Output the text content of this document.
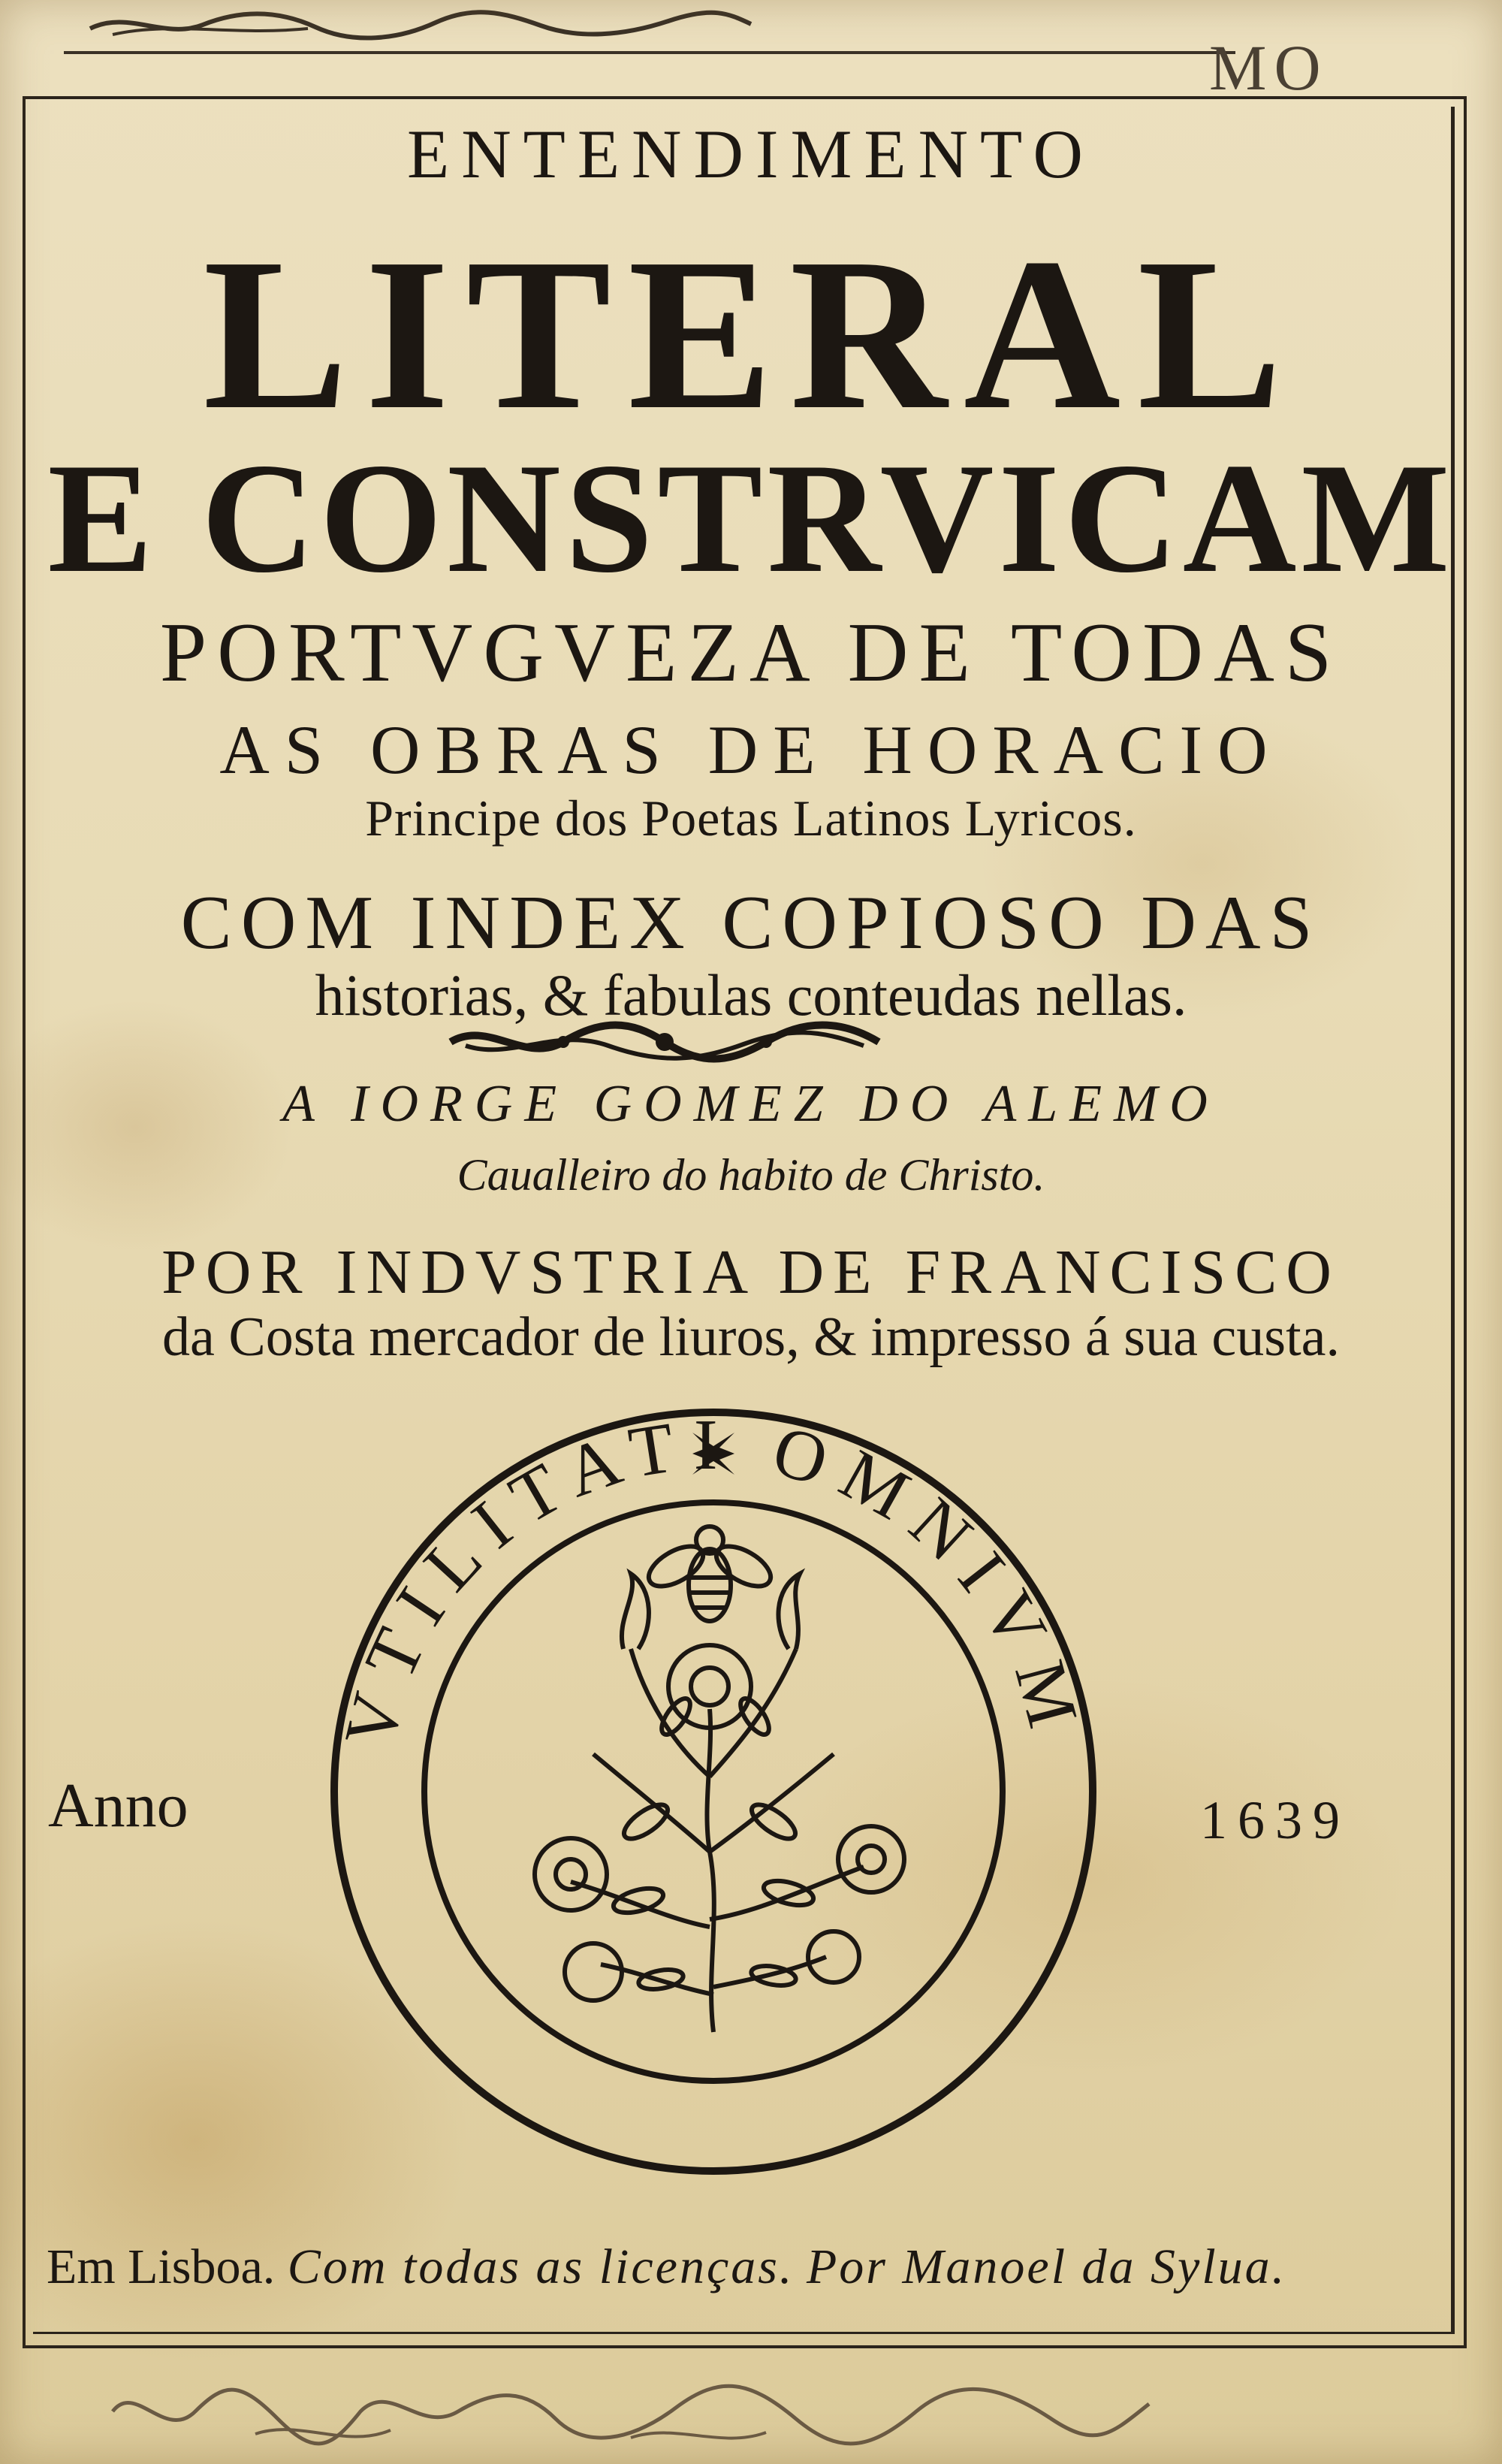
MO
ENTENDIMENTO
LITERAL
E CONSTRVICAM
PORTVGVEZA DE TODAS
AS OBRAS DE HORACIO
Principe dos Poetas Latinos Lyricos.
COM INDEX COPIOSO DAS
historias, & fabulas conteudas nellas.
A IORGE GOMEZ DO ALEMO
Caualleiro do habito de Christo.
POR INDVSTRIA DE FRANCISCO
da Costa mercador de liuros, & impresso á sua custa.
VTILITATI OMNIVM
Anno	1639
Em Lisboa. Com todas as licenças. Por Manoel da Sylua.
